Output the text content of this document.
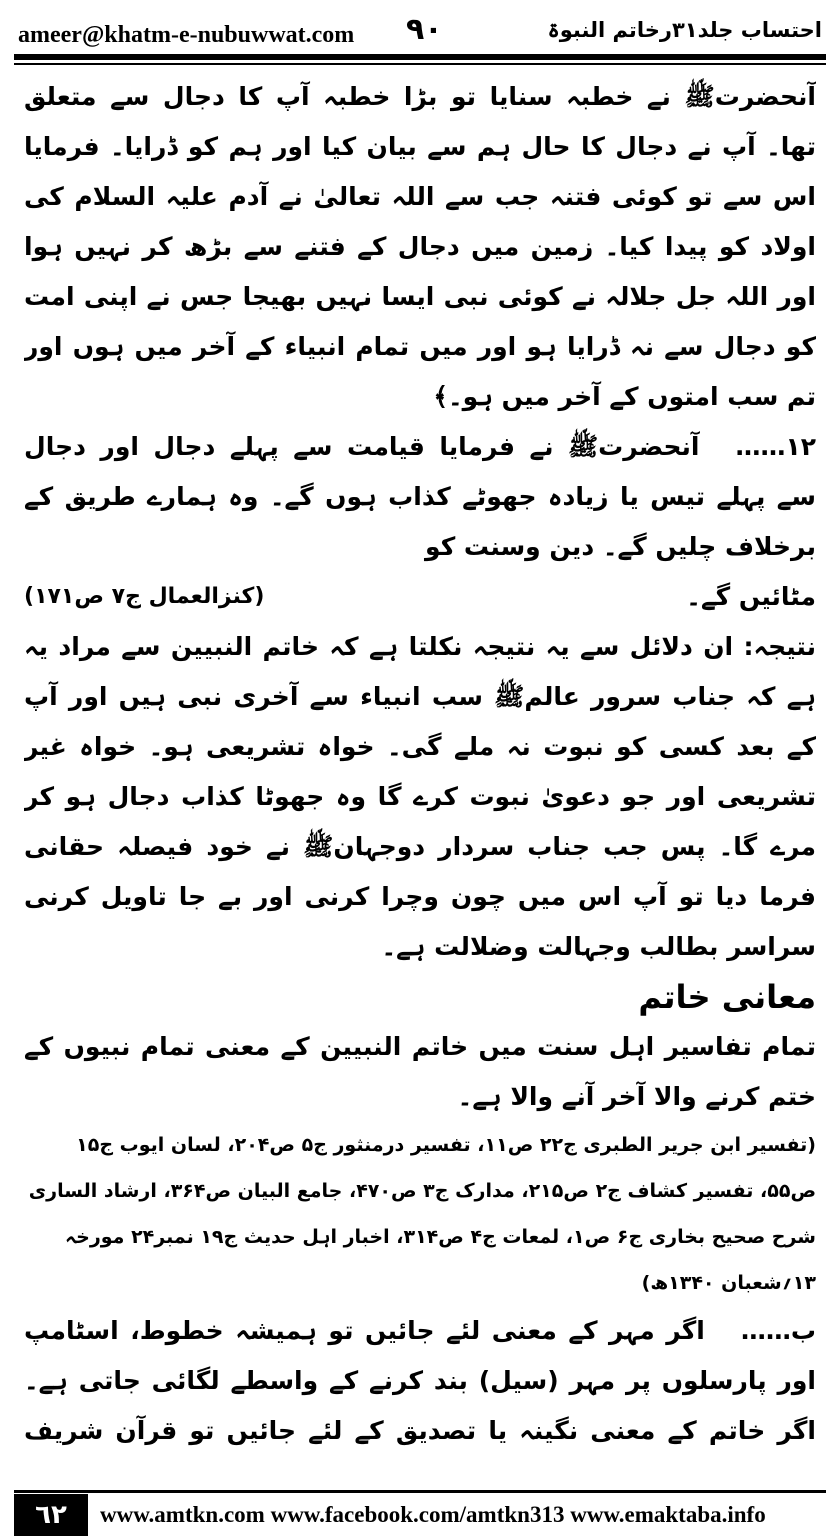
ameer@khatm-e-nubuwwat.com ٩٠	احتساب جلد۳۱رخاتم النبوۃ

آنحضرتﷺ نے خطبہ سنایا تو بڑا خطبہ آپ کا دجال سے متعلق تھا۔ آپ نے دجال کا حال ہم سے بیان کیا اور ہم کو ڈرایا۔ فرمایا اس سے تو کوئی فتنہ جب سے اللہ تعالیٰ نے آدم علیہ السلام کی اولاد کو پیدا کیا۔ زمین میں دجال کے فتنے سے بڑھ کر نہیں ہوا اور اللہ جل جلالہ نے کوئی نبی ایسا نہیں بھیجا جس نے اپنی امت کو دجال سے نہ ڈرایا ہو اور میں تمام انبیاء کے آخر میں ہوں اور تم سب امتوں کے آخر میں ہو۔﴾

۱۲……آنحضرتﷺ نے فرمایا قیامت سے پہلے دجال اور دجال سے پہلے تیس یا زیادہ جھوٹے کذاب ہوں گے۔ وہ ہمارے طریق کے برخلاف چلیں گے۔ دین وسنت کو

مٹائیں گے۔
(کنزالعمال ج۷ ص۱۷۱)

نتیجہ: ان دلائل سے یہ نتیجہ نکلتا ہے کہ خاتم النبیین سے مراد یہ ہے کہ جناب سرور عالمﷺ سب انبیاء سے آخری نبی ہیں اور آپ کے بعد کسی کو نبوت نہ ملے گی۔ خواہ تشریعی ہو۔ خواہ غیر تشریعی اور جو دعویٰ نبوت کرے گا وہ جھوٹا کذاب دجال ہو کر مرے گا۔ پس جب جناب سردار دوجہانﷺ نے خود فیصلہ حقانی فرما دیا تو آپ اس میں چون وچرا کرنی اور بے جا تاویل کرنی سراسر بطالب وجہالت وضلالت ہے۔

معانی خاتم

تمام تفاسیر اہل سنت میں خاتم النبیین کے معنی تمام نبیوں کے ختم کرنے والا آخر آنے والا ہے۔

(تفسیر ابن جریر الطبری ج۲۲ ص۱۱، تفسیر درمنثور ج۵ ص۲۰۴، لسان ایوب ج۱۵ ص۵۵، تفسیر کشاف ج۲ ص۲۱۵، مدارک ج۳ ص۴۷۰، جامع البیان ص۳۶۴، ارشاد الساری شرح صحیح بخاری ج۶ ص۱، لمعات ج۴ ص۳۱۴، اخبار اہل حدیث ج۱۹ نمبر۲۴ مورخہ ۱۳؍شعبان ۱۳۴۰ھ)

ب……اگر مہر کے معنی لئے جائیں تو ہمیشہ خطوط، اسٹامپ اور پارسلوں پر مہر (سیل) بند کرنے کے واسطے لگائی جاتی ہے۔ اگر خاتم کے معنی نگینہ یا تصدیق کے لئے جائیں تو قرآن شریف

٦٢	www.amtkn.com www.facebook.com/amtkn313 www.emaktaba.info
